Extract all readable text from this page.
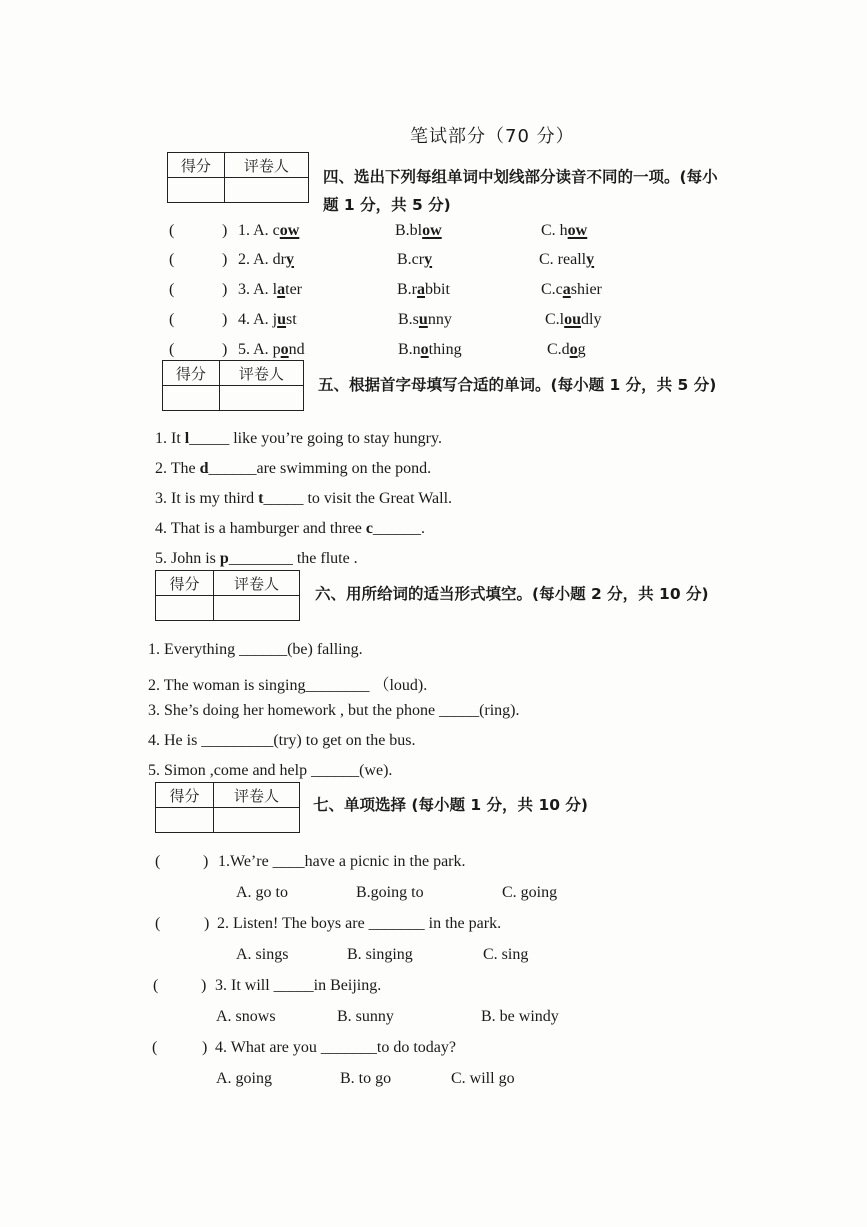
笔试部分（70 分）
得分	评卷人

四、选出下列每组单词中划线部分读音不同的一项。(每小
题 1 分，共 5 分)
(	) 1. A. cow	B.blow	C. how
(	) 2. A. dry	B.cry	C. really
(	) 3. A. later	B.rabbit	C.cashier
(	) 4. A. just	B.sunny	C.loudly
(	) 5. A. pond	B.nothing	C.dog
得分	评卷人

五、根据首字母填写合适的单词。(每小题 1 分，共 5 分)
1. It l_____ like you’re going to stay hungry.
2. The d______are swimming on the pond.
3. It is my third t_____ to visit the Great Wall.
4. That is a hamburger and three c______.
5. John is p________ the flute .
得分	评卷人

六、用所给词的适当形式填空。(每小题 2 分，共 10 分)
1. Everything ______(be) falling.
2. The woman is singing________ （loud).
3. She’s doing her homework , but the phone _____(ring).
4. He is _________(try) to get on the bus.
5. Simon ,come and help ______(we).
得分	评卷人

七、单项选择 (每小题 1 分，共 10 分)
(	) 1.We’re ____have a picnic in the park.
A. go to	B.going to	C. going
(	) 2. Listen! The boys are _______ in the park.
A. sings	B. singing	C. sing
(	) 3. It will _____in Beijing.
A. snows	B. sunny	B. be windy
(	) 4. What are you _______to do today?
A. going	B. to go	C. will go
